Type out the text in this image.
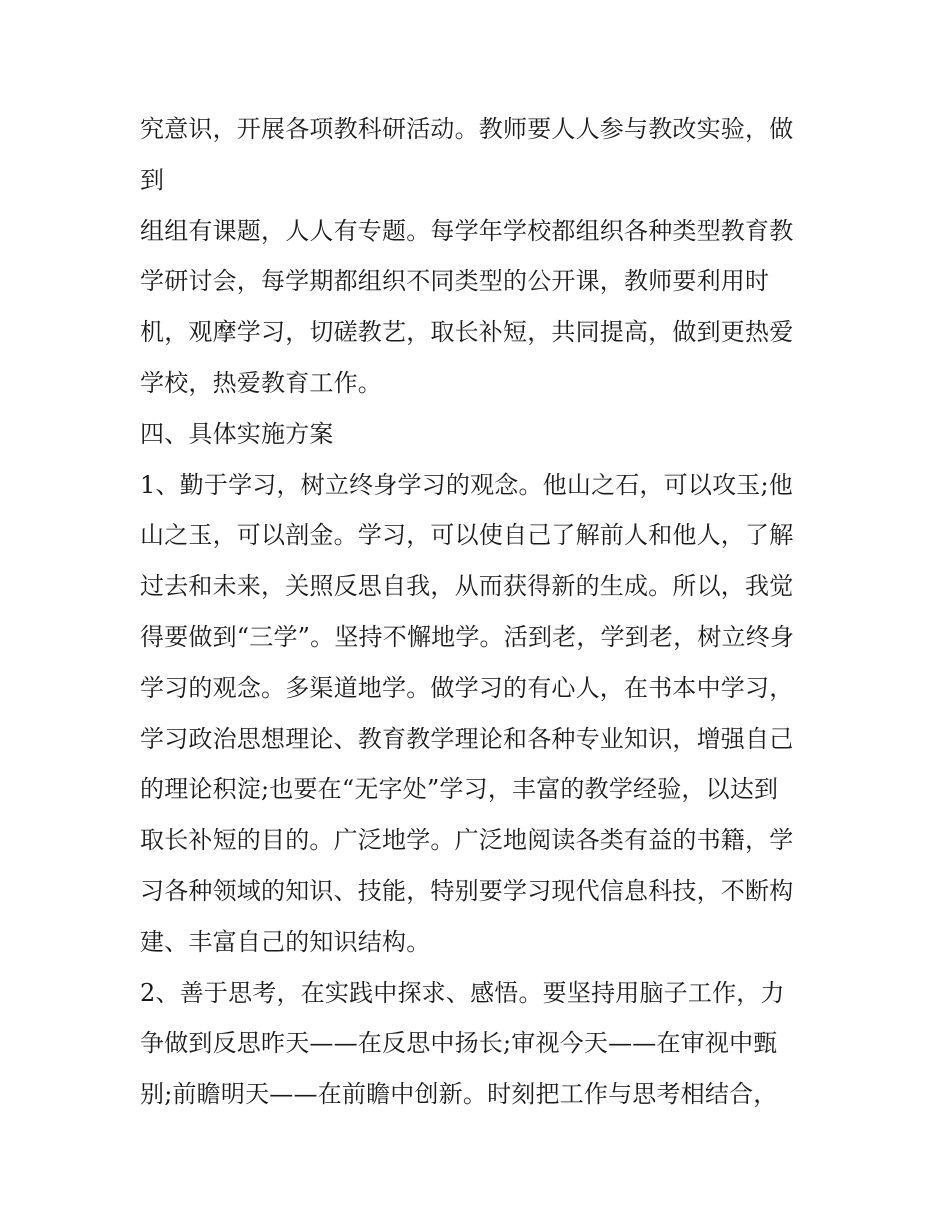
究意识，开展各项教科研活动。教师要人人参与教改实验，做
到
组组有课题，人人有专题。每学年学校都组织各种类型教育教
学研讨会，每学期都组织不同类型的公开课，教师要利用时
机，观摩学习，切磋教艺，取长补短，共同提高，做到更热爱
学校，热爱教育工作。
四、具体实施方案
1、勤于学习，树立终身学习的观念。他山之石，可以攻玉;他
山之玉，可以剖金。学习，可以使自己了解前人和他人，了解
过去和未来，关照反思自我，从而获得新的生成。所以，我觉
得要做到“三学”。坚持不懈地学。活到老，学到老，树立终身
学习的观念。多渠道地学。做学习的有心人，在书本中学习，
学习政治思想理论、教育教学理论和各种专业知识，增强自己
的理论积淀;也要在“无字处”学习，丰富的教学经验，以达到
取长补短的目的。广泛地学。广泛地阅读各类有益的书籍，学
习各种领域的知识、技能，特别要学习现代信息科技，不断构
建、丰富自己的知识结构。
2、善于思考，在实践中探求、感悟。要坚持用脑子工作，力
争做到反思昨天——在反思中扬长;审视今天——在审视中甄
别;前瞻明天——在前瞻中创新。时刻把工作与思考相结合，
